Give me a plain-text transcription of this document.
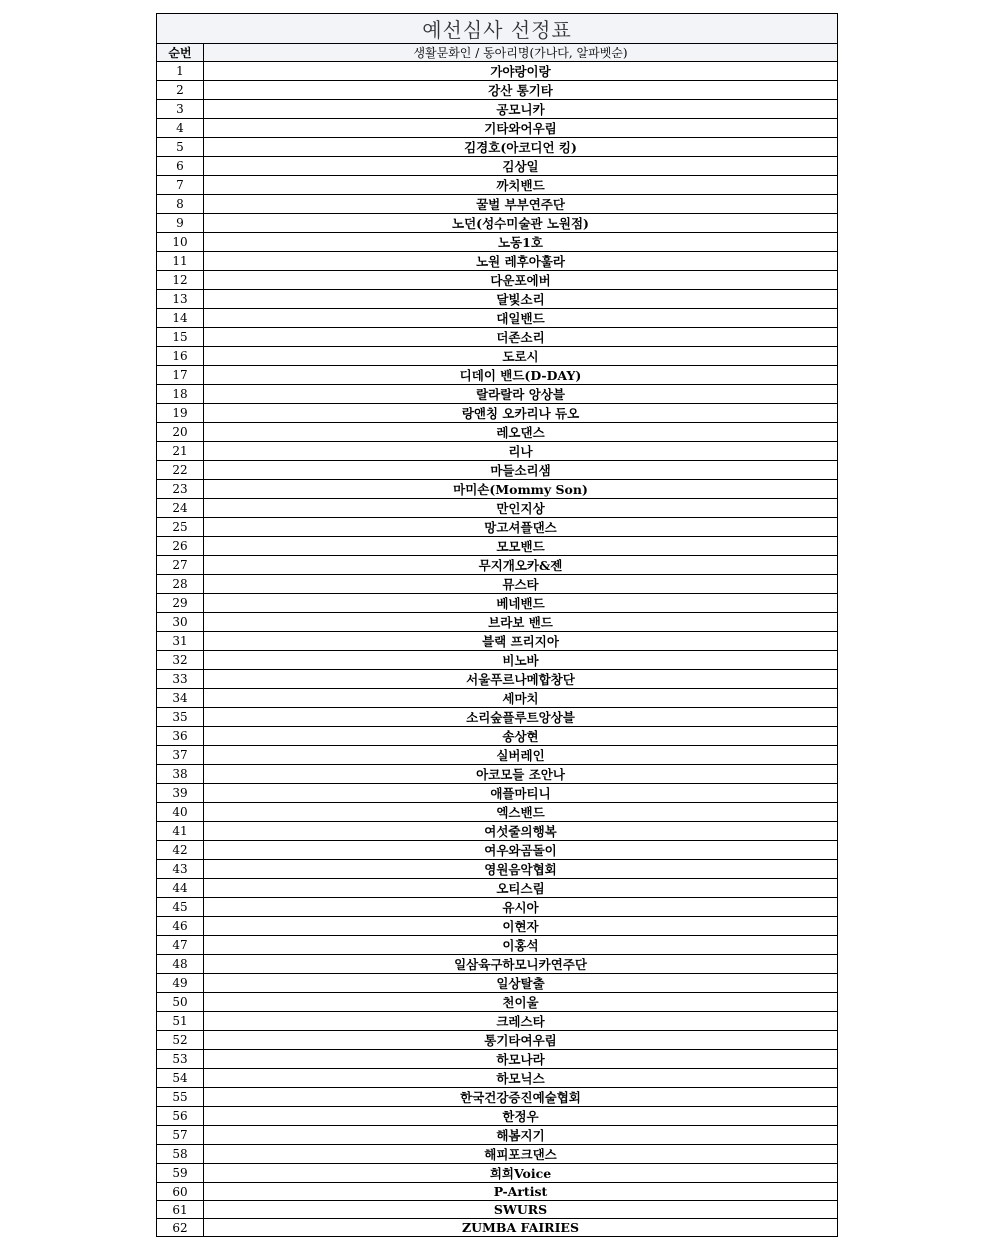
예선심사 선정표	
순번	생활문화인 / 동아리명(가나다, 알파벳순)
1	가야랑이랑
2	강산 통기타
3	공모니카
4	기타와어우림
5	김경호(아코디언 킹)
6	김상일
7	까치밴드
8	꿀벌 부부연주단
9	노던(성수미술관 노원점)
10	노동1호
11	노원 레후아훌라
12	다운포에버
13	달빛소리
14	대일밴드
15	더존소리
16	도로시
17	디데이 밴드(D-DAY)
18	랄라랄라 앙상블
19	랑앤칭 오카리나 듀오
20	레오댄스
21	리나
22	마들소리샘
23	마미손(Mommy Son)
24	만인지상
25	망고셔플댄스
26	모모밴드
27	무지개오카&젠
28	뮤스타
29	베네밴드
30	브라보 밴드
31	블랙 프리지아
32	비노바
33	서울푸르나메합창단
34	세마치
35	소리숲플루트앙상블
36	송상현
37	실버레인
38	아코모들 조안나
39	애플마티니
40	엑스밴드
41	여섯줄의행복
42	여우와곰돌이
43	영원음악협회
44	오티스림
45	유시아
46	이현자
47	이홍석
48	일삼육구하모니카연주단
49	일상탈출
50	천이울
51	크레스타
52	통기타여우림
53	하모나라
54	하모닉스
55	한국건강증진예술협회
56	한정우
57	해봄지기
58	해피포크댄스
59	희희Voice
60	P-Artist
61	SWURS
62	ZUMBA FAIRIES
